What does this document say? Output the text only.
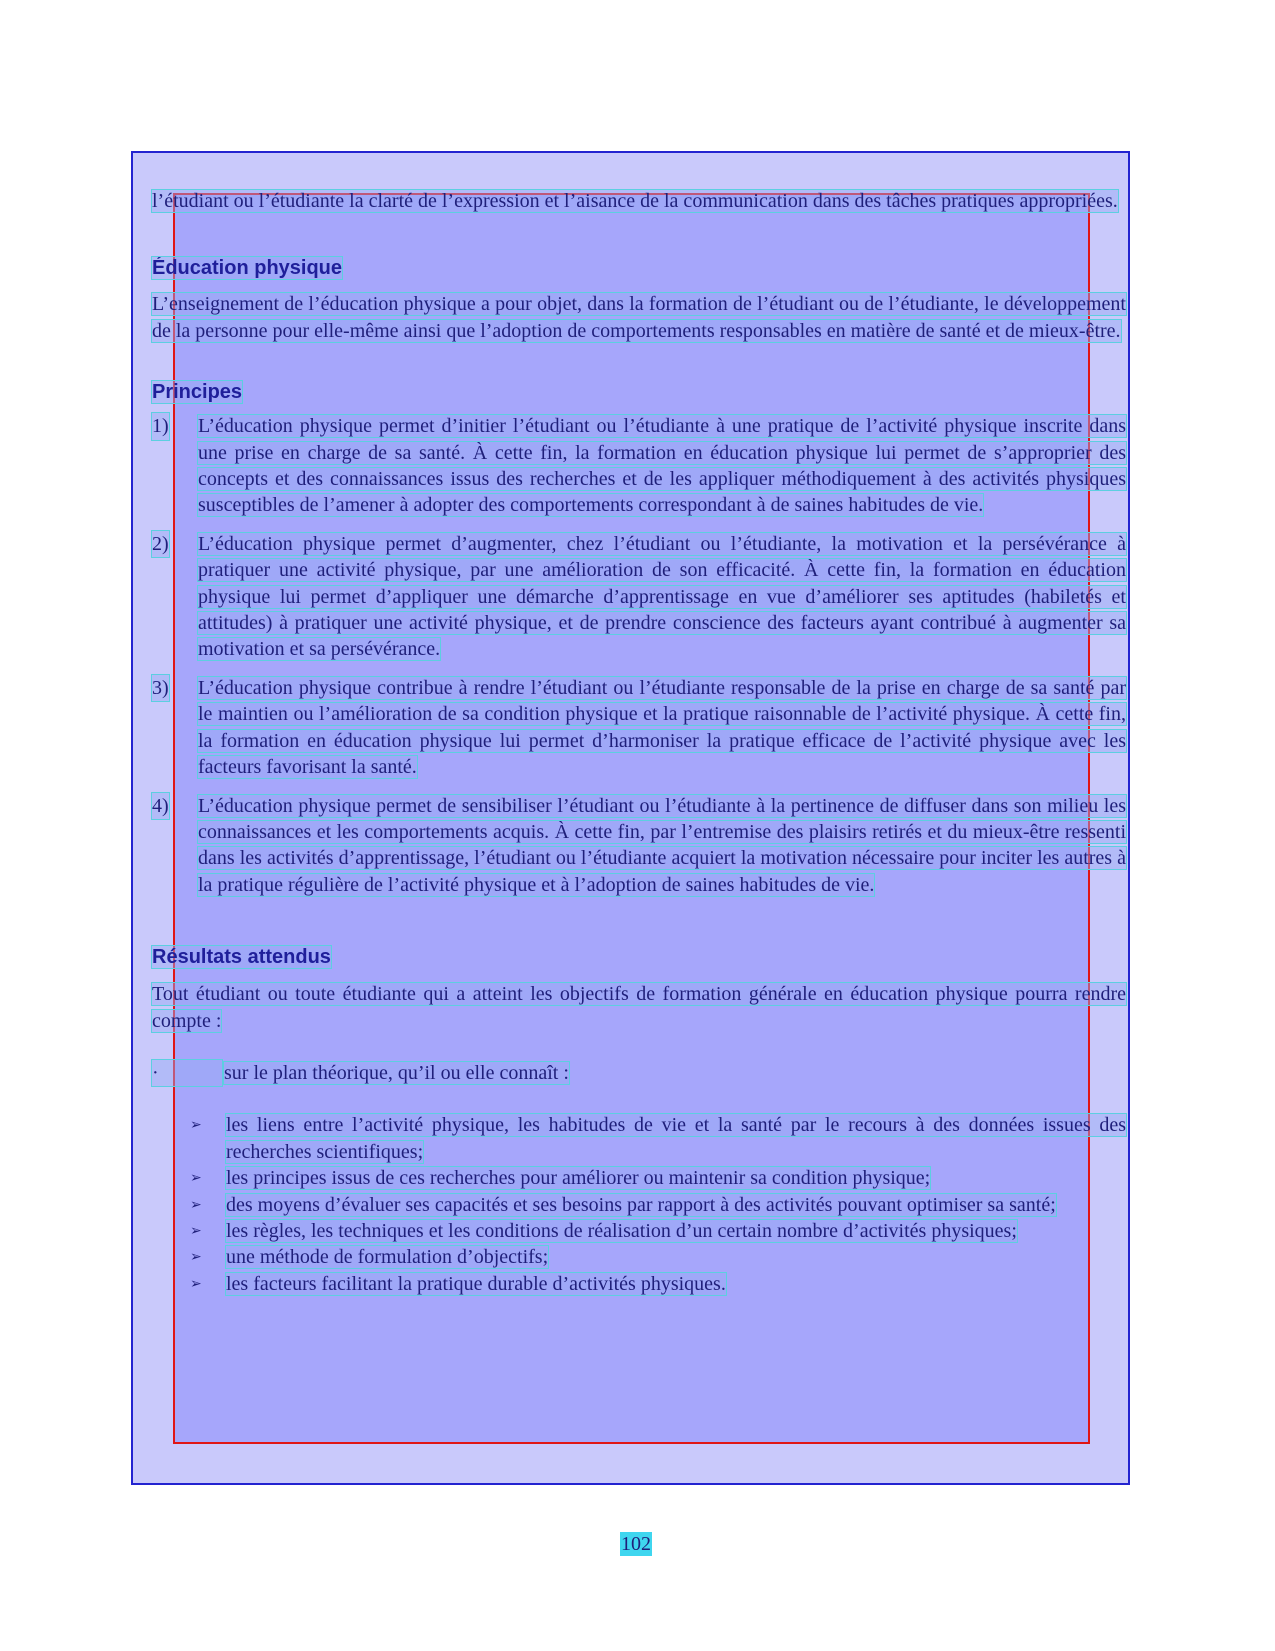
l’étudiant ou l’étudiante la clarté de l’expression et l’aisance de la communication dans des tâches pratiques appropriées.

Éducation physique

L’enseignement de l’éducation physique a pour objet, dans la formation de l’étudiant ou de l’étudiante, le développement de la personne pour elle-même ainsi que l’adoption de comportements responsables en matière de santé et de mieux-être.

Principes
1) L’éducation physique permet d’initier l’étudiant ou l’étudiante à une pratique de l’activité physique inscrite dans une prise en charge de sa santé. À cette fin, la formation en éducation physique lui permet de s’approprier des concepts et des connaissances issus des recherches et de les appliquer méthodiquement à des activités physiques susceptibles de l’amener à adopter des comportements correspondant à de saines habitudes de vie.
2) L’éducation physique permet d’augmenter, chez l’étudiant ou l’étudiante, la motivation et la persévérance à pratiquer une activité physique, par une amélioration de son efficacité. À cette fin, la formation en éducation physique lui permet d’appliquer une démarche d’apprentissage en vue d’améliorer ses aptitudes (habiletés et attitudes) à pratiquer une activité physique, et de prendre conscience des facteurs ayant contribué à augmenter sa motivation et sa persévérance.
3) L’éducation physique contribue à rendre l’étudiant ou l’étudiante responsable de la prise en charge de sa santé par le maintien ou l’amélioration de sa condition physique et la pratique raisonnable de l’activité physique. À cette fin, la formation en éducation physique lui permet d’harmoniser la pratique efficace de l’activité physique avec les facteurs favorisant la santé.
4) L’éducation physique permet de sensibiliser l’étudiant ou l’étudiante à la pertinence de diffuser dans son milieu les connaissances et les comportements acquis. À cette fin, par l’entremise des plaisirs retirés et du mieux-être ressenti dans les activités d’apprentissage, l’étudiant ou l’étudiante acquiert la motivation nécessaire pour inciter les autres à la pratique régulière de l’activité physique et à l’adoption de saines habitudes de vie.
Résultats attendus

Tout étudiant ou toute étudiante qui a atteint les objectifs de formation générale en éducation physique pourra rendre compte :

·	sur le plan théorique, qu’il ou elle connaît :
➢ les liens entre l’activité physique, les habitudes de vie et la santé par le recours à des données issues des recherches scientifiques;
➢ les principes issus de ces recherches pour améliorer ou maintenir sa condition physique;
➢ des moyens d’évaluer ses capacités et ses besoins par rapport à des activités pouvant optimiser sa santé;
➢ les règles, les techniques et les conditions de réalisation d’un certain nombre d’activités physiques;
➢ une méthode de formulation d’objectifs;
➢ les facteurs facilitant la pratique durable d’activités physiques.
102
